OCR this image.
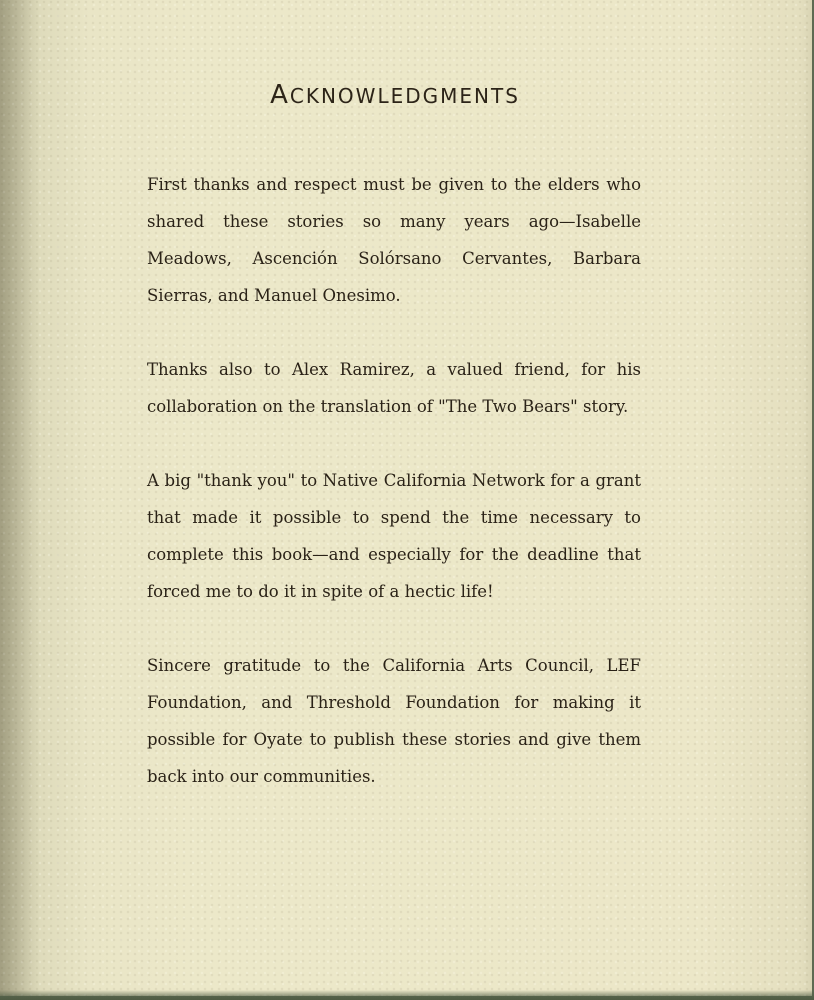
ACKNOWLEDGMENTS

First thanks and respect must be given to the elders who shared these stories so many years ago—Isabelle Meadows, Ascención Solórsano Cervantes, Barbara Sierras, and Manuel Onesimo.

Thanks also to Alex Ramirez, a valued friend, for his collaboration on the translation of "The Two Bears" story.

A big "thank you" to Native California Network for a grant that made it possible to spend the time necessary to complete this book—and especially for the deadline that forced me to do it in spite of a hectic life!

Sincere gratitude to the California Arts Council, LEF Foundation, and Threshold Foundation for making it possible for Oyate to publish these stories and give them back into our communities.
